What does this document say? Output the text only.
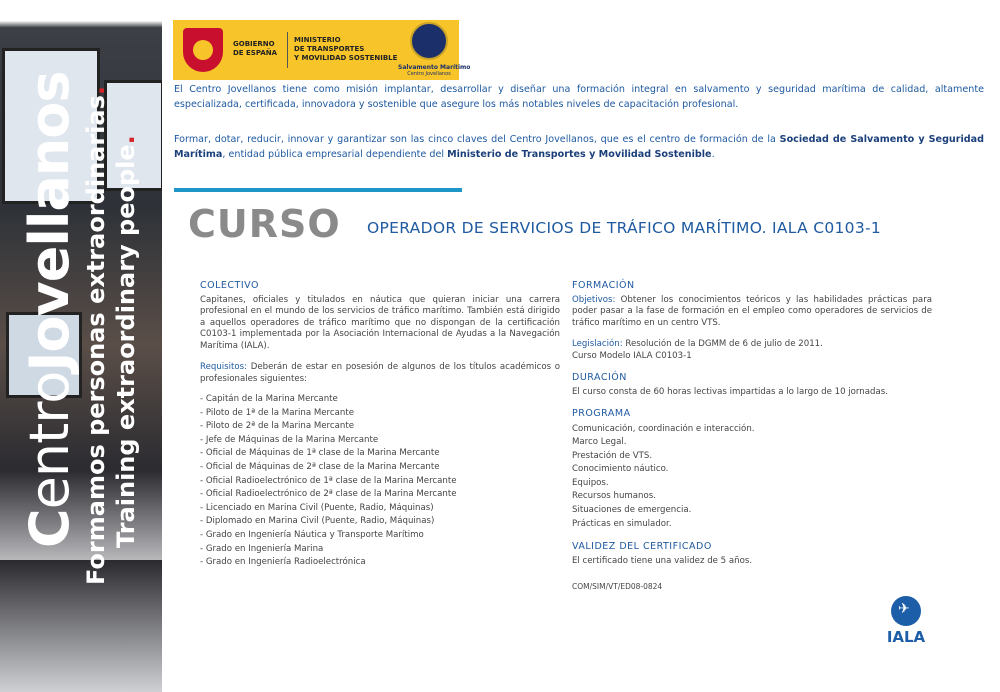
CentroJovellanos Formamos personas extraordinarias.
Training extraordinary people.
GOBIERNO
DE ESPAÑA
MINISTERIO
DE TRANSPORTES
Y MOVILIDAD SOSTENIBLE
Salvamento Marítimo
Centro Jovellanos

El Centro Jovellanos tiene como misión implantar, desarrollar y diseñar una formación integral en salvamento y seguridad marítima de calidad, altamente especializada, certificada, innovadora y sostenible que asegure los más notables niveles de capacitación profesional.

Formar, dotar, reducir, innovar y garantizar son las cinco claves del Centro Jovellanos, que es el centro de formación de la Sociedad de Salvamento y Seguridad Marítima, entidad pública empresarial dependiente del Ministerio de Transportes y Movilidad Sostenible.

CURSO OPERADOR DE SERVICIOS DE TRÁFICO MARÍTIMO. IALA C0103-1
COLECTIVO

Capitanes, oficiales y titulados en náutica que quieran iniciar una carrera profesional en el mundo de los servicios de tráfico marítimo. También está dirigido a aquellos operadores de tráfico marítimo que no dispongan de la certificación C0103-1 implementada por la Asociación Internacional de Ayudas a la Navegación Marítima (IALA).

Requisitos: Deberán de estar en posesión de algunos de los títulos académicos o profesionales siguientes:

- Capitán de la Marina Mercante
- Piloto de 1ª de la Marina Mercante
- Piloto de 2ª de la Marina Mercante
- Jefe de Máquinas de la Marina Mercante
- Oficial de Máquinas de 1ª clase de la Marina Mercante
- Oficial de Máquinas de 2ª clase de la Marina Mercante
- Oficial Radioelectrónico de 1ª clase de la Marina Mercante
- Oficial Radioelectrónico de 2ª clase de la Marina Mercante
- Licenciado en Marina Civil (Puente, Radio, Máquinas)
- Diplomado en Marina Civil (Puente, Radio, Máquinas)
- Grado en Ingeniería Náutica y Transporte Marítimo
- Grado en Ingeniería Marina
- Grado en Ingeniería Radioelectrónica
FORMACIÓN

Objetivos: Obtener los conocimientos teóricos y las habilidades prácticas para poder pasar a la fase de formación en el empleo como operadores de servicios de tráfico marítimo en un centro VTS.

Legislación: Resolución de la DGMM de 6 de julio de 2011.

Curso Modelo IALA C0103-1

DURACIÓN

El curso consta de 60 horas lectivas impartidas a lo largo de 10 jornadas.

PROGRAMA
Comunicación, coordinación e interacción.
Marco Legal.
Prestación de VTS.
Conocimiento náutico.
Equipos.
Recursos humanos.
Situaciones de emergencia.
Prácticas en simulador.
VALIDEZ DEL CERTIFICADO

El certificado tiene una validez de 5 años.

COM/SIM/VT/ED08-0824

✈
IALA
